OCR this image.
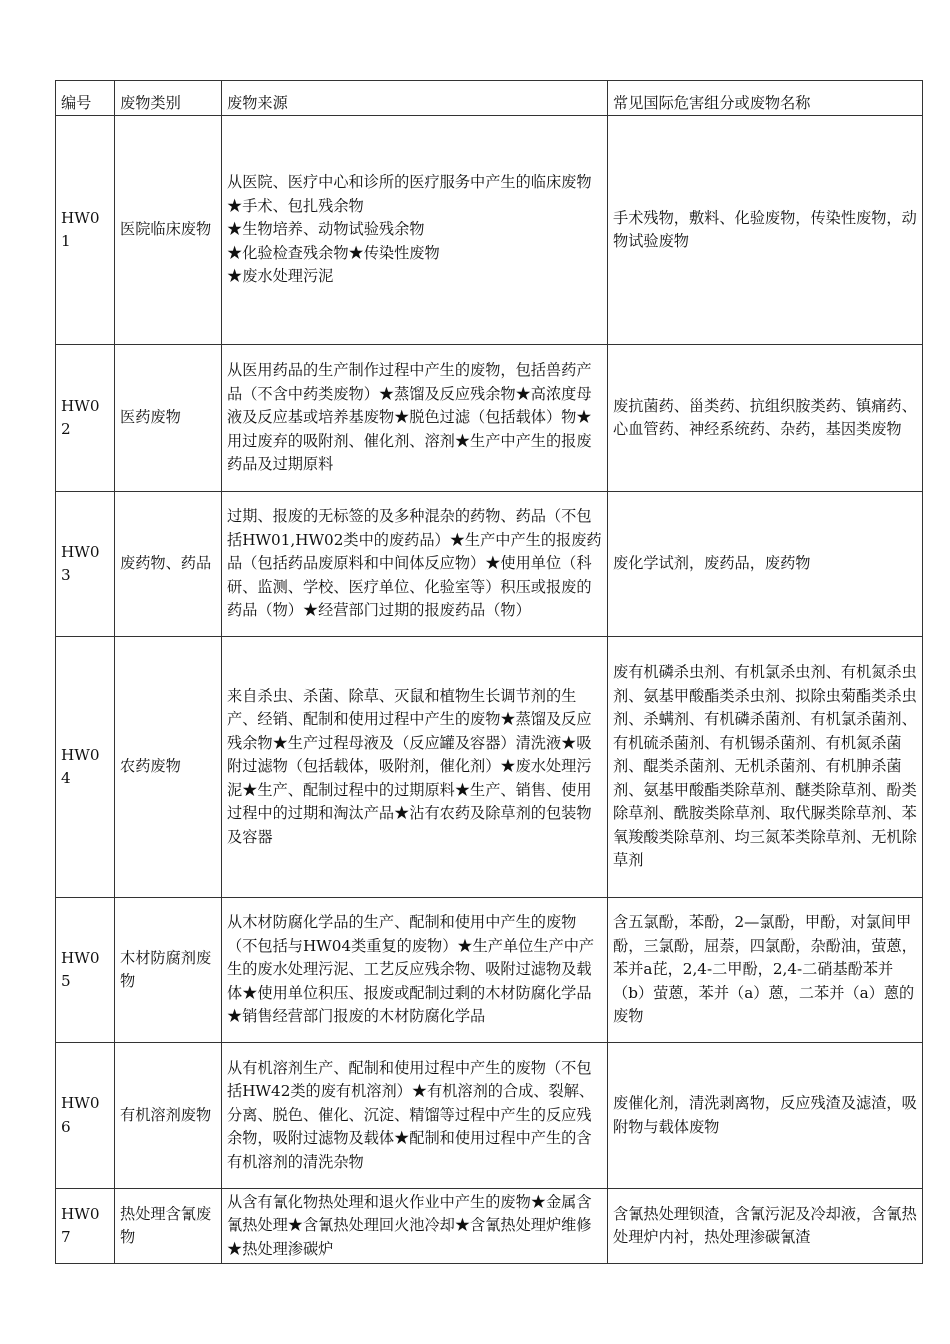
编号	废物类别	废物来源	常见国际危害组分或废物名称
HW01	医院临床废物	从医院、医疗中心和诊所的医疗服务中产生的临床废物
★手术、包扎残余物
★生物培养、动物试验残余物
★化验检查残余物★传染性废物
★废水处理污泥	手术残物，敷料、化验废物，传染性废物，动物试验废物
HW02	医药废物	从医用药品的生产制作过程中产生的废物，包括兽药产品（不含中药类废物）★蒸馏及反应残余物★高浓度母液及反应基或培养基废物★脱色过滤（包括载体）物★用过废弃的吸附剂、催化剂、溶剂★生产中产生的报废药品及过期原料	废抗菌药、甾类药、抗组织胺类药、镇痛药、心血管药、神经系统药、杂药，基因类废物
HW03	废药物、药品	过期、报废的无标签的及多种混杂的药物、药品（不包括HW01,HW02类中的废药品）★生产中产生的报废药品（包括药品废原料和中间体反应物）★使用单位（科研、监测、学校、医疗单位、化验室等）积压或报废的药品（物）★经营部门过期的报废药品（物）	废化学试剂，废药品，废药物
HW04	农药废物	来自杀虫、杀菌、除草、灭鼠和植物生长调节剂的生产、经销、配制和使用过程中产生的废物★蒸馏及反应残余物★生产过程母液及（反应罐及容器）清洗液★吸附过滤物（包括载体，吸附剂，催化剂）★废水处理污泥★生产、配制过程中的过期原料★生产、销售、使用过程中的过期和淘汰产品★沾有农药及除草剂的包装物及容器	废有机磷杀虫剂、有机氯杀虫剂、有机氮杀虫剂、氨基甲酸酯类杀虫剂、拟除虫菊酯类杀虫剂、杀螨剂、有机磷杀菌剂、有机氯杀菌剂、有机硫杀菌剂、有机锡杀菌剂、有机氮杀菌剂、醌类杀菌剂、无机杀菌剂、有机胂杀菌剂、氨基甲酸酯类除草剂、醚类除草剂、酚类除草剂、酰胺类除草剂、取代脲类除草剂、苯氧羧酸类除草剂、均三氮苯类除草剂、无机除草剂
HW05	木材防腐剂废物	从木材防腐化学品的生产、配制和使用中产生的废物（不包括与HW04类重复的废物）★生产单位生产中产生的废水处理污泥、工艺反应残余物、吸附过滤物及载体★使用单位积压、报废或配制过剩的木材防腐化学品★销售经营部门报废的木材防腐化学品	含五氯酚，苯酚，2—氯酚，甲酚，对氯间甲酚，三氯酚，屈萘，四氯酚，杂酚油，萤蒽，苯并a芘，2,4-二甲酚，2,4-二硝基酚苯并（b）萤蒽，苯并（a）蒽，二苯并（a）蒽的废物
HW06	有机溶剂废物	从有机溶剂生产、配制和使用过程中产生的废物（不包括HW42类的废有机溶剂）★有机溶剂的合成、裂解、分离、脱色、催化、沉淀、精馏等过程中产生的反应残余物，吸附过滤物及载体★配制和使用过程中产生的含有机溶剂的清洗杂物	废催化剂，清洗剥离物，反应残渣及滤渣，吸附物与载体废物
HW07	热处理含氰废物	从含有氰化物热处理和退火作业中产生的废物★金属含氰热处理★含氰热处理回火池冷却★含氰热处理炉维修★热处理渗碳炉	含氰热处理钡渣，含氰污泥及冷却液，含氰热处理炉内衬，热处理渗碳氰渣
